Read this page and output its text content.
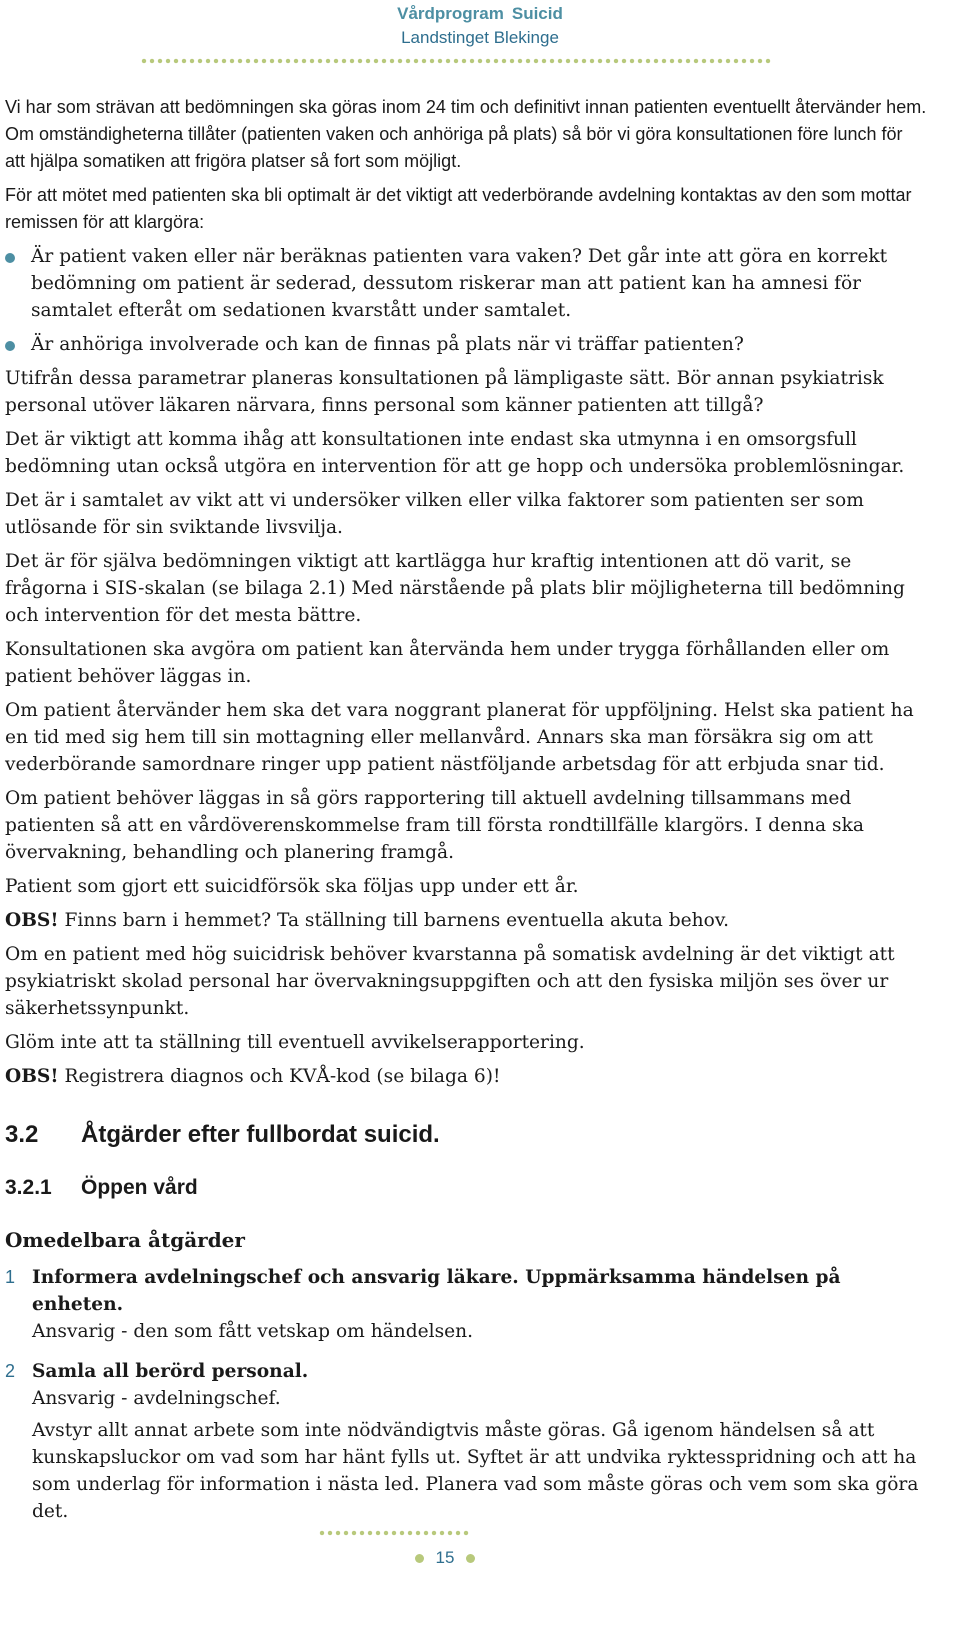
Vårdprogram Suicid
Landstinget Blekinge

Vi har som strävan att bedömningen ska göras inom 24 tim och definitivt innan patienten eventuellt återvänder hem. Om omständigheterna tillåter (patienten vaken och anhöriga på plats) så bör vi göra konsultationen före lunch för att hjälpa somatiken att frigöra platser så fort som möjligt.

För att mötet med patienten ska bli optimalt är det viktigt att vederbörande avdelning kontaktas av den som mottar remissen för att klargöra:

Är patient vaken eller när beräknas patienten vara vaken? Det går inte att göra en korrekt bedömning om patient är sederad, dessutom riskerar man att patient kan ha amnesi för samtalet efteråt om sedationen kvarstått under samtalet.
Är anhöriga involverade och kan de finnas på plats när vi träffar patienten?

Utifrån dessa parametrar planeras konsultationen på lämpligaste sätt. Bör annan psykiatrisk personal utöver läkaren närvara, finns personal som känner patienten att tillgå?

Det är viktigt att komma ihåg att konsultationen inte endast ska utmynna i en omsorgsfull bedömning utan också utgöra en intervention för att ge hopp och undersöka problemlösningar.

Det är i samtalet av vikt att vi undersöker vilken eller vilka faktorer som patienten ser som utlösande för sin sviktande livsvilja.

Det är för själva bedömningen viktigt att kartlägga hur kraftig intentionen att dö varit, se frågorna i SIS-skalan (se bilaga 2.1) Med närstående på plats blir möjligheterna till bedömning och intervention för det mesta bättre.

Konsultationen ska avgöra om patient kan återvända hem under trygga förhållanden eller om patient behöver läggas in.

Om patient återvänder hem ska det vara noggrant planerat för uppföljning. Helst ska patient ha en tid med sig hem till sin mottagning eller mellanvård. Annars ska man försäkra sig om att vederbörande samordnare ringer upp patient nästföljande arbetsdag för att erbjuda snar tid.

Om patient behöver läggas in så görs rapportering till aktuell avdelning tillsammans med patienten så att en vårdöverenskommelse fram till första rondtillfälle klargörs. I denna ska övervakning, behandling och planering framgå.

Patient som gjort ett suicidförsök ska följas upp under ett år.

OBS! Finns barn i hemmet? Ta ställning till barnens eventuella akuta behov.

Om en patient med hög suicidrisk behöver kvarstanna på somatisk avdelning är det viktigt att psykiatriskt skolad personal har övervakningsuppgiften och att den fysiska miljön ses över ur säkerhetssynpunkt.

Glöm inte att ta ställning till eventuell avvikelserapportering.

OBS! Registrera diagnos och KVÅ-kod (se bilaga 6)!

3.2 Åtgärder efter fullbordat suicid.
3.2.1 Öppen vård
Omedelbara åtgärder
1 Informera avdelningschef och ansvarig läkare. Uppmärksamma händelsen på enheten.
Ansvarig - den som fått vetskap om händelsen.
2 Samla all berörd personal.
Ansvarig - avdelningschef.
Avstyr allt annat arbete som inte nödvändigtvis måste göras. Gå igenom händelsen så att kunskapsluckor om vad som har hänt fylls ut. Syftet är att undvika ryktesspridning och att ha som underlag för information i nästa led. Planera vad som måste göras och vem som ska göra det.
15
